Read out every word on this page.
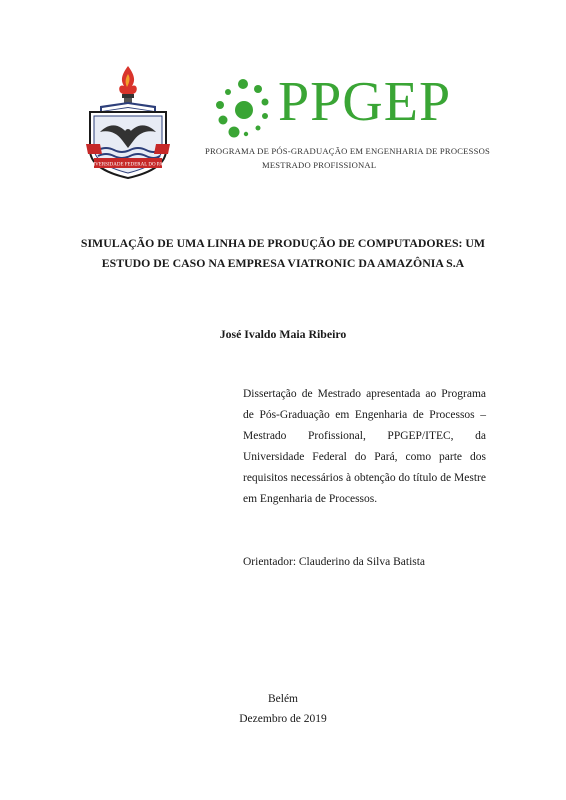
UNIVERSIDADE FEDERAL DO PARÁ
PPGEP
PROGRAMA DE PÓS-GRADUAÇÃO EM ENGENHARIA DE PROCESSOS
MESTRADO PROFISSIONAL
SIMULAÇÃO DE UMA LINHA DE PRODUÇÃO DE COMPUTADORES: UM ESTUDO DE CASO NA EMPRESA VIATRONIC DA AMAZÔNIA S.A
José Ivaldo Maia Ribeiro
Dissertação de Mestrado apresentada ao Programa de Pós-Graduação em Engenharia de Processos – Mestrado Profissional, PPGEP/ITEC, da Universidade Federal do Pará, como parte dos requisitos necessários à obtenção do título de Mestre em Engenharia de Processos.
Orientador: Clauderino da Silva Batista
Belém
Dezembro de 2019
